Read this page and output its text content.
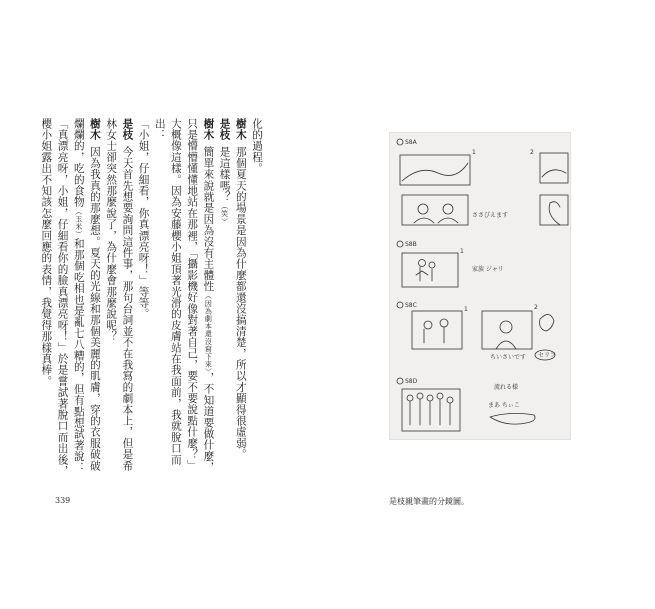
化的過程。
樹木那個夏天的場景是因為什麼都還沒搞清楚，所以才顯得很虛弱。
是枝是這樣嗎？（笑）
樹木簡單來說就是因為沒有主體性（因為劇本還沒寫下來），不知道要做什麼，只是懵懵懂懂地站在那裡，「攝影機好像對著自己，要不要說點什麼？」大概像這樣。因為安藤櫻小姐頂著光滑的皮膚站在我面前，我就脫口而出：
「小姐，仔細看，你真漂亮呀！」等等。
是枝今天首先想要詢問這件事，那句台詞並不在我寫的劇本上，但是希林女士卻突然那麼說了，為什麼會那麼說呢？
樹木因為我真的那麼想。夏天的光線和那個美麗的肌膚，穿的衣服破破爛爛的，吃的食物（玉米）和那個吃相也是亂七八糟的，但有點想試著說：「真漂亮呀，小姐，仔細看你的臉真漂亮呀！」於是嘗試著脫口而出後，櫻小姐露出不知該怎麼回應的表情，我覺得那樣真棒。
339
S8A
1	2
ささびえます
S8B
1
家族 ジャリ
S8C
1	2
ちいさいです セリフ
S8D
流れる様
まあ ちぃこ
是枝親筆畫的分鏡圖。
